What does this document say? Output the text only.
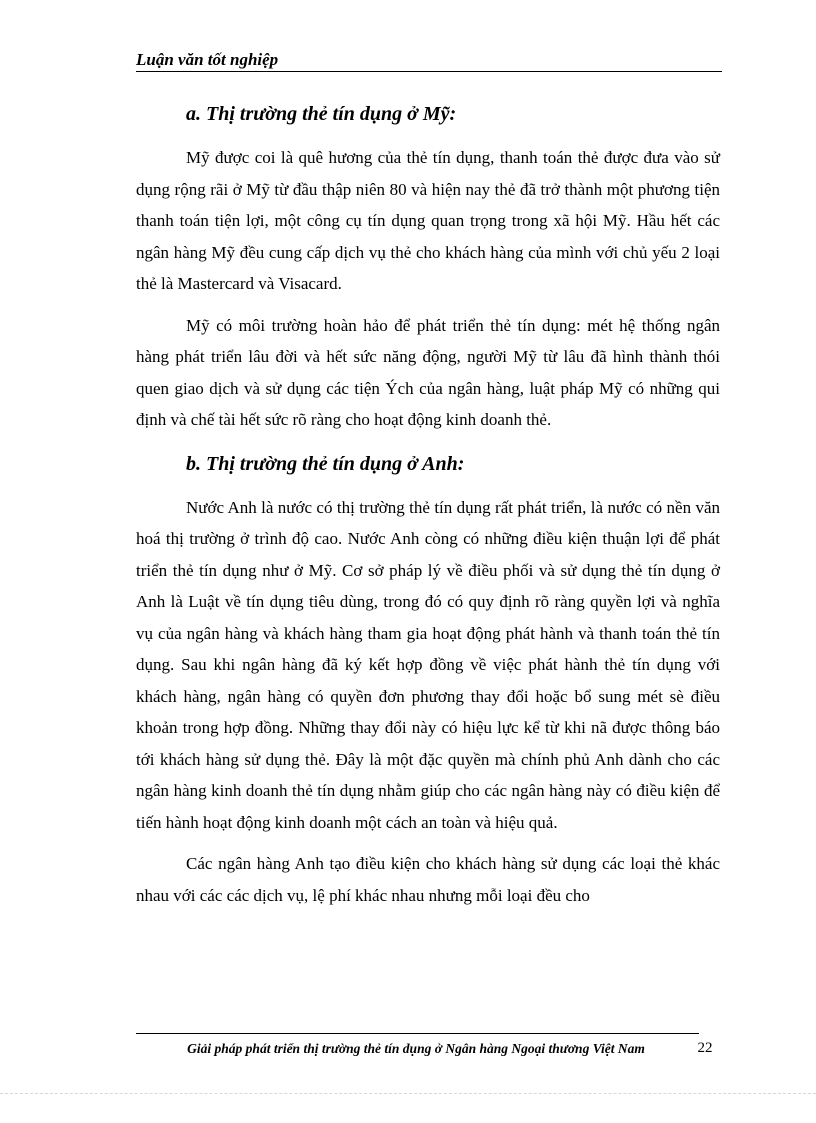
Luận văn tốt nghiệp
a. Thị trường thẻ tín dụng ở Mỹ:

Mỹ được coi là quê hương của thẻ tín dụng, thanh toán thẻ được đưa vào sử dụng rộng rãi ở Mỹ từ đầu thập niên 80 và hiện nay thẻ đã trở thành một phương tiện thanh toán tiện lợi, một công cụ tín dụng quan trọng trong xã hội Mỹ. Hầu hết các ngân hàng Mỹ đều cung cấp dịch vụ thẻ cho khách hàng của mình với chủ yếu 2 loại thẻ là Mastercard và Visacard.

Mỹ có môi trường hoàn hảo để phát triển thẻ tín dụng: mét hệ thống ngân hàng phát triển lâu đời và hết sức năng động, người Mỹ từ lâu đã hình thành thói quen giao dịch và sử dụng các tiện Ých của ngân hàng, luật pháp Mỹ có những qui định và chế tài hết sức rõ ràng cho hoạt động kinh doanh thẻ.

b. Thị trường thẻ tín dụng ở Anh:

Nước Anh là nước có thị trường thẻ tín dụng rất phát triển, là nước có nền văn hoá thị trường ở trình độ cao. Nước Anh còng có những điều kiện thuận lợi để phát triển thẻ tín dụng như ở Mỹ. Cơ sở pháp lý về điều phối và sử dụng thẻ tín dụng ở Anh là Luật về tín dụng tiêu dùng, trong đó có quy định rõ ràng quyền lợi và nghĩa vụ của ngân hàng và khách hàng tham gia hoạt động phát hành và thanh toán thẻ tín dụng. Sau khi ngân hàng đã ký kết hợp đồng về việc phát hành thẻ tín dụng với khách hàng, ngân hàng có quyền đơn phương thay đổi hoặc bổ sung mét sè điều khoản trong hợp đồng. Những thay đổi này có hiệu lực kể từ khi nã được thông báo tới khách hàng sử dụng thẻ. Đây là một đặc quyền mà chính phủ Anh dành cho các ngân hàng kinh doanh thẻ tín dụng nhằm giúp cho các ngân hàng này có điều kiện để tiến hành hoạt động kinh doanh một cách an toàn và hiệu quả.

Các ngân hàng Anh tạo điều kiện cho khách hàng sử dụng các loại thẻ khác nhau với các các dịch vụ, lệ phí khác nhau nhưng mỗi loại đều cho

Giải pháp phát triển thị trường thẻ tín dụng ở Ngân hàng Ngoại thương Việt Nam	22
